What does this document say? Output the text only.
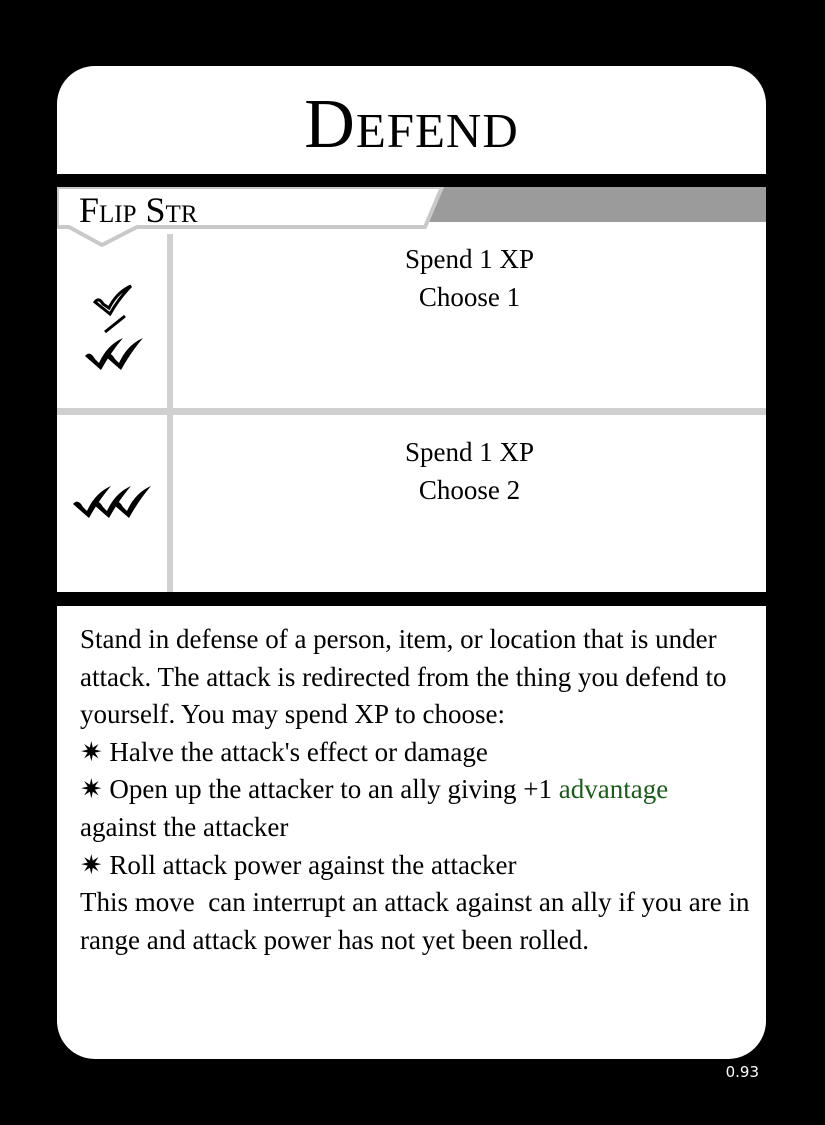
Defend
Flip Str
Spend 1 XP
Choose 1
Spend 1 XP
Choose 2

Stand in defense of a person, item, or location that is under attack. The attack is redirected from the thing you defend to yourself. You may spend XP to choose:

✷ Halve the attack's effect or damage

✷ Open up the attacker to an ally giving +1 advantage
against the attacker

✷ Roll attack power against the attacker

This move  can interrupt an attack against an ally if you are in range and attack power has not yet been rolled.

0.93
